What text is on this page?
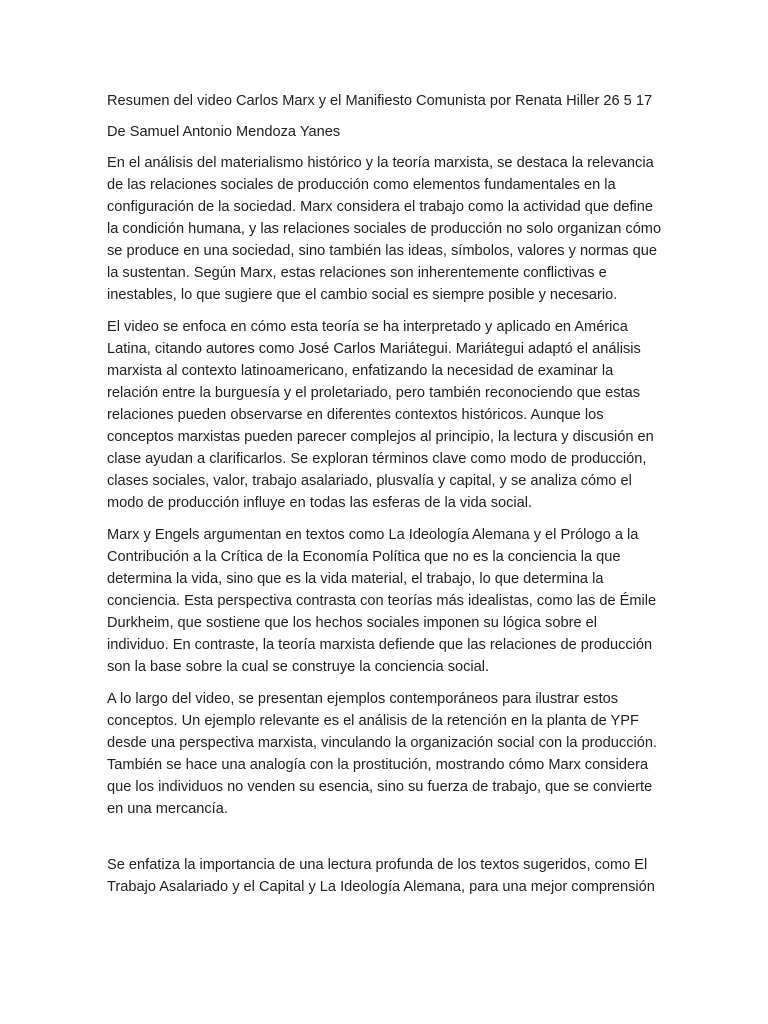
Resumen del video Carlos Marx y el Manifiesto Comunista por Renata Hiller 26 5 17

De Samuel Antonio Mendoza Yanes

En el análisis del materialismo histórico y la teoría marxista, se destaca la relevancia de las relaciones sociales de producción como elementos fundamentales en la configuración de la sociedad. Marx considera el trabajo como la actividad que define la condición humana, y las relaciones sociales de producción no solo organizan cómo se produce en una sociedad, sino también las ideas, símbolos, valores y normas que la sustentan. Según Marx, estas relaciones son inherentemente conflictivas e inestables, lo que sugiere que el cambio social es siempre posible y necesario.

El video se enfoca en cómo esta teoría se ha interpretado y aplicado en América Latina, citando autores como José Carlos Mariátegui. Mariátegui adaptó el análisis marxista al contexto latinoamericano, enfatizando la necesidad de examinar la relación entre la burguesía y el proletariado, pero también reconociendo que estas relaciones pueden observarse en diferentes contextos históricos. Aunque los conceptos marxistas pueden parecer complejos al principio, la lectura y discusión en clase ayudan a clarificarlos. Se exploran términos clave como modo de producción, clases sociales, valor, trabajo asalariado, plusvalía y capital, y se analiza cómo el modo de producción influye en todas las esferas de la vida social.

Marx y Engels argumentan en textos como La Ideología Alemana y el Prólogo a la Contribución a la Crítica de la Economía Política que no es la conciencia la que determina la vida, sino que es la vida material, el trabajo, lo que determina la conciencia. Esta perspectiva contrasta con teorías más idealistas, como las de Émile Durkheim, que sostiene que los hechos sociales imponen su lógica sobre el individuo. En contraste, la teoría marxista defiende que las relaciones de producción son la base sobre la cual se construye la conciencia social.

A lo largo del video, se presentan ejemplos contemporáneos para ilustrar estos conceptos. Un ejemplo relevante es el análisis de la retención en la planta de YPF desde una perspectiva marxista, vinculando la organización social con la producción. También se hace una analogía con la prostitución, mostrando cómo Marx considera que los individuos no venden su esencia, sino su fuerza de trabajo, que se convierte en una mercancía.

Se enfatiza la importancia de una lectura profunda de los textos sugeridos, como El Trabajo Asalariado y el Capital y La Ideología Alemana, para una mejor comprensión
